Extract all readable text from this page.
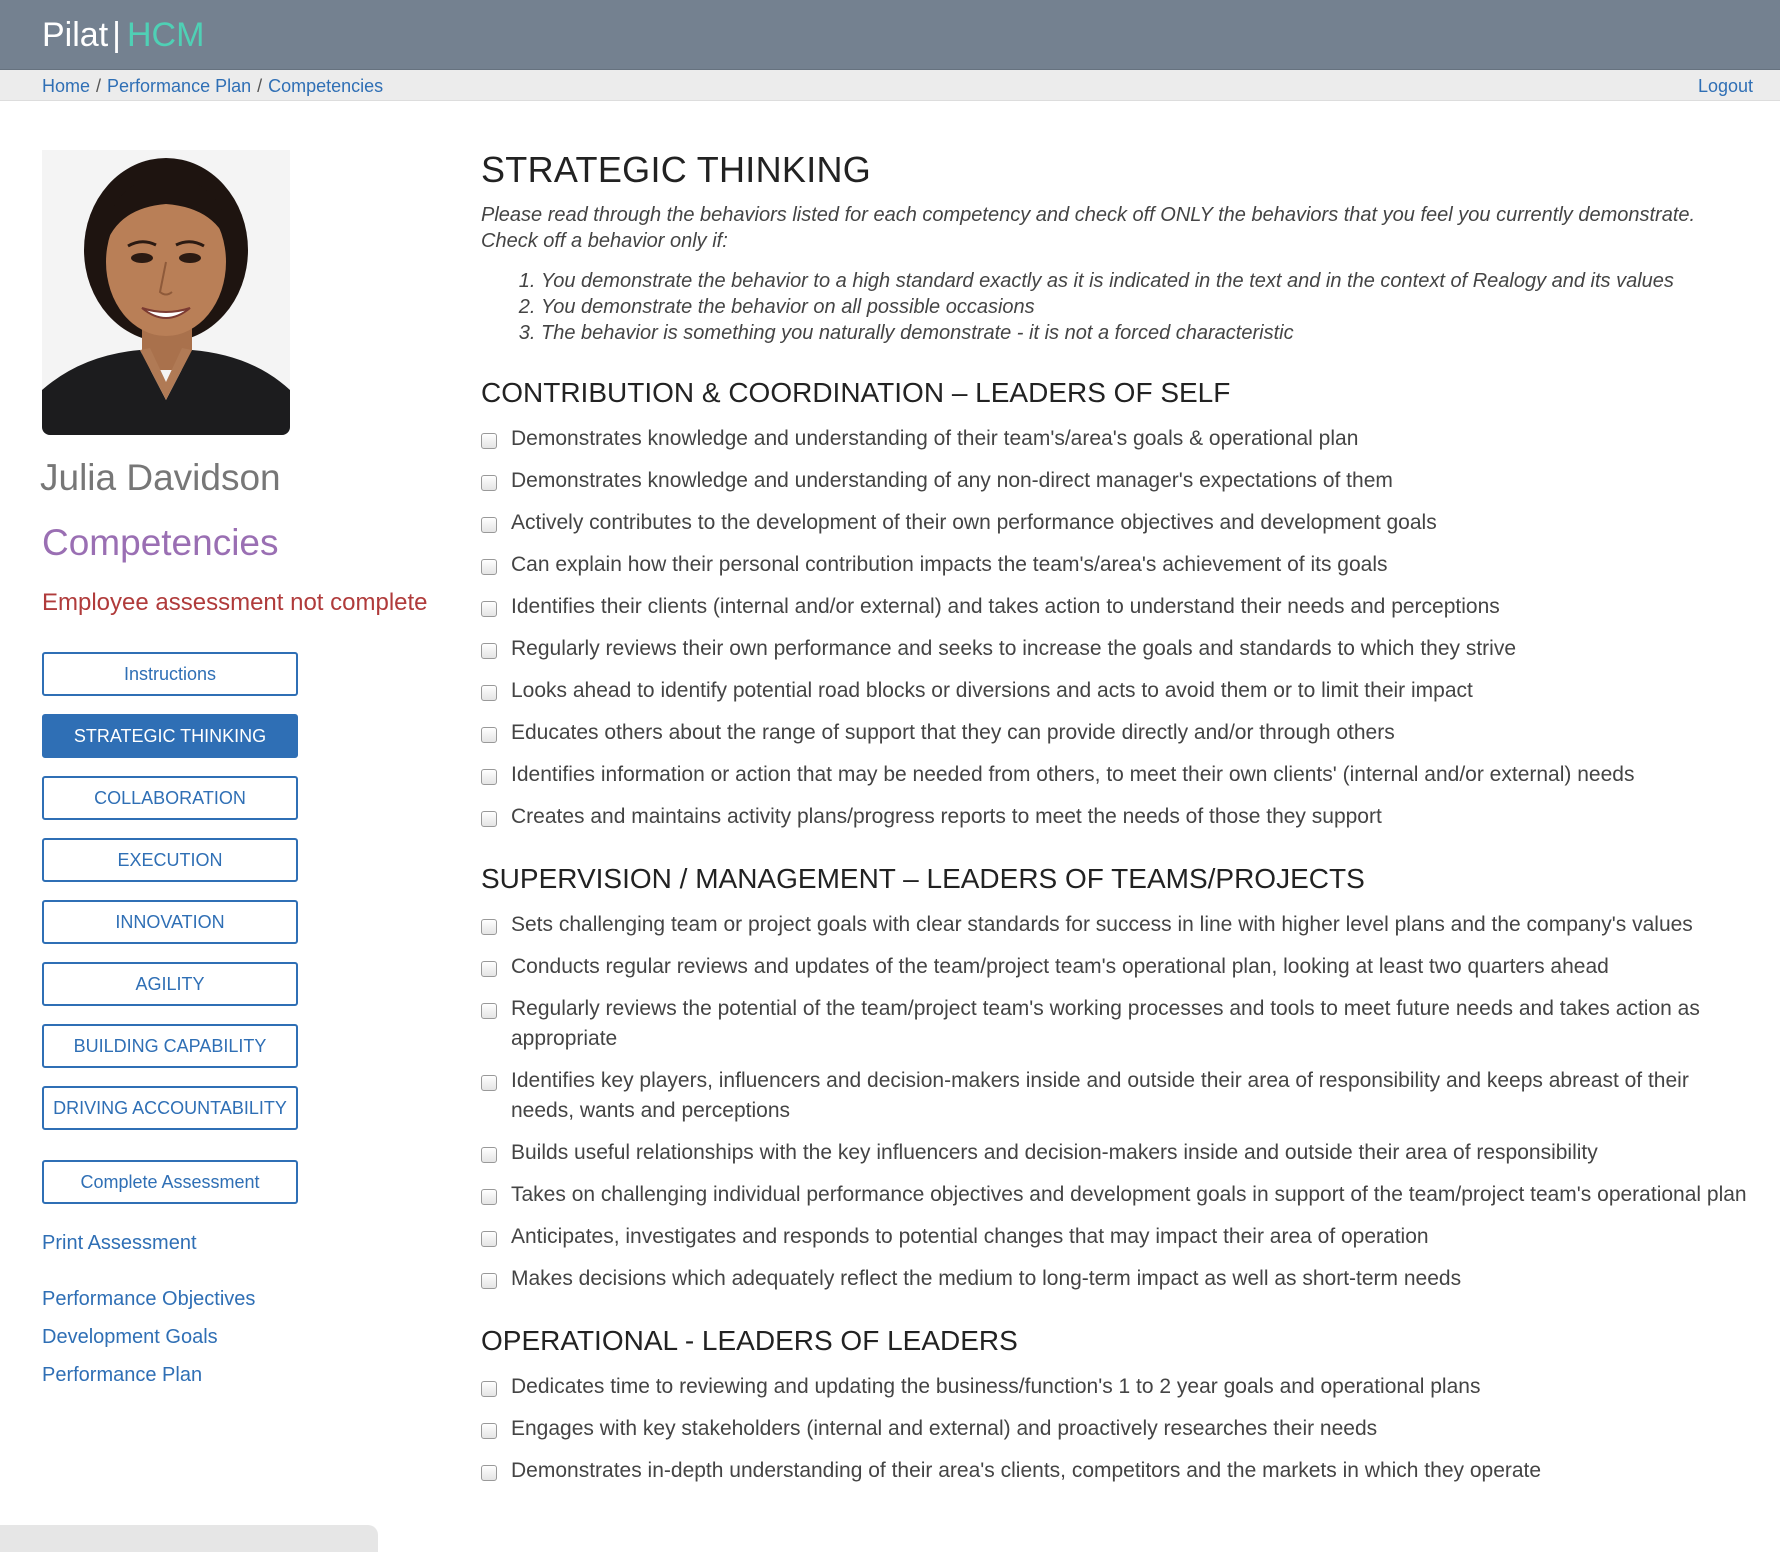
Pilat | HCM
Home / Performance Plan / Competencies	Logout
Julia Davidson
Competencies
Employee assessment not complete
Instructions
STRATEGIC THINKING
COLLABORATION
EXECUTION
INNOVATION
AGILITY
BUILDING CAPABILITY
DRIVING ACCOUNTABILITY
Complete Assessment
Print Assessment
Performance Objectives
Development Goals
Performance Plan
STRATEGIC THINKING

Please read through the behaviors listed for each competency and check off ONLY the behaviors that you feel you currently demonstrate. Check off a behavior only if:

1. You demonstrate the behavior to a high standard exactly as it is indicated in the text and in the context of Realogy and its values
2. You demonstrate the behavior on all possible occasions
3. The behavior is something you naturally demonstrate - it is not a forced characteristic
CONTRIBUTION & COORDINATION – LEADERS OF SELF
Demonstrates knowledge and understanding of their team's/area's goals & operational plan
Demonstrates knowledge and understanding of any non-direct manager's expectations of them
Actively contributes to the development of their own performance objectives and development goals
Can explain how their personal contribution impacts the team's/area's achievement of its goals
Identifies their clients (internal and/or external) and takes action to understand their needs and perceptions
Regularly reviews their own performance and seeks to increase the goals and standards to which they strive
Looks ahead to identify potential road blocks or diversions and acts to avoid them or to limit their impact
Educates others about the range of support that they can provide directly and/or through others
Identifies information or action that may be needed from others, to meet their own clients' (internal and/or external) needs
Creates and maintains activity plans/progress reports to meet the needs of those they support
SUPERVISION / MANAGEMENT – LEADERS OF TEAMS/PROJECTS
Sets challenging team or project goals with clear standards for success in line with higher level plans and the company's values
Conducts regular reviews and updates of the team/project team's operational plan, looking at least two quarters ahead
Regularly reviews the potential of the team/project team's working processes and tools to meet future needs and takes action as appropriate
Identifies key players, influencers and decision-makers inside and outside their area of responsibility and keeps abreast of their needs, wants and perceptions
Builds useful relationships with the key influencers and decision-makers inside and outside their area of responsibility
Takes on challenging individual performance objectives and development goals in support of the team/project team's operational plan
Anticipates, investigates and responds to potential changes that may impact their area of operation
Makes decisions which adequately reflect the medium to long-term impact as well as short-term needs
OPERATIONAL - LEADERS OF LEADERS
Dedicates time to reviewing and updating the business/function's 1 to 2 year goals and operational plans
Engages with key stakeholders (internal and external) and proactively researches their needs
Demonstrates in-depth understanding of their area's clients, competitors and the markets in which they operate
